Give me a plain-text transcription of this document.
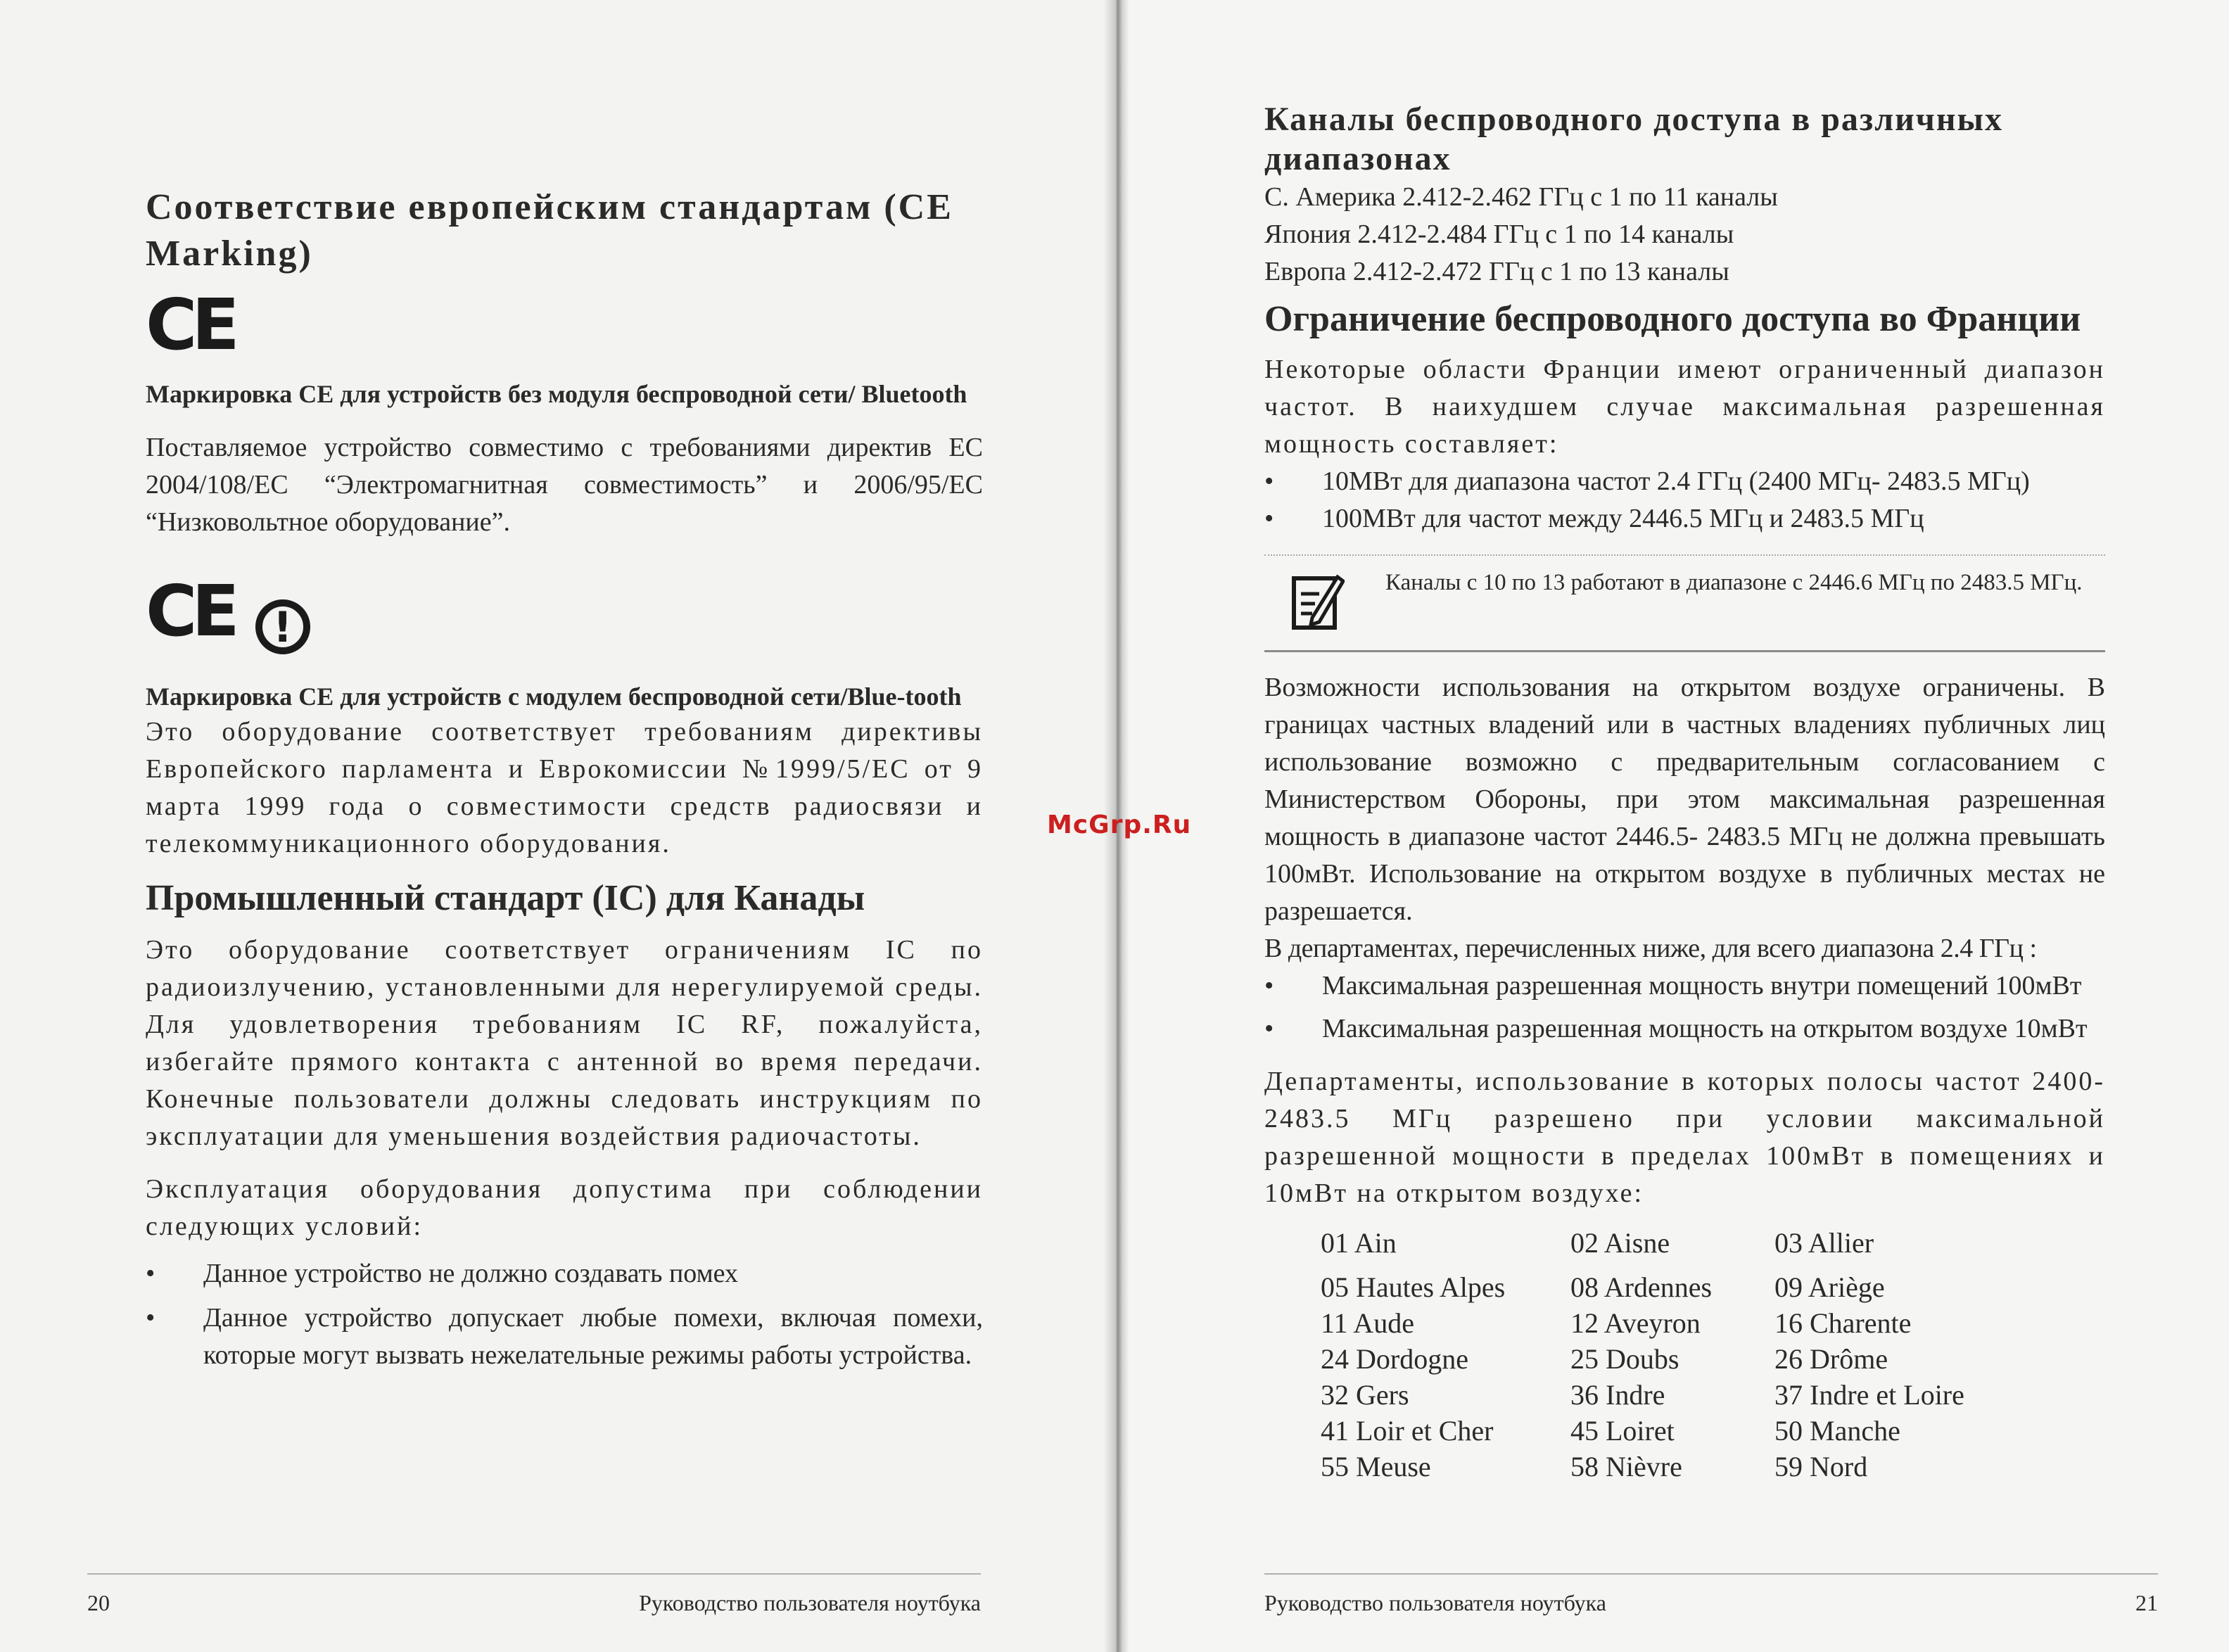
Соответствие европейским стандартам (CE Marking)
CE

Маркировка CE для устройств без модуля беспроводной сети/ Bluetooth

Поставляемое устройство совместимо с требованиями директив EC 2004/108/EC “Электромагнитная совместимость” и 2006/95/EC “Низковольтное оборудование”.

CE !

Маркировка CE для устройств с модулем беспроводной сети/Blue-tooth

Это оборудование соответствует требованиям директивы Европейского парламента и Еврокомиссии №1999/5/EC от 9 марта 1999 года о совместимости средств радиосвязи и телекоммуникационного оборудования.

Промышленный стандарт (IC) для Канады

Это оборудование соответствует ограничениям IC по радиоизлучению, установленными для нерегулируемой среды. Для удовлетворения требованиям IC RF, пожалуйста, избегайте прямого контакта с антенной во время передачи. Конечные пользователи должны следовать инструкциям по эксплуатации для уменьшения воздействия радиочастоты.

Эксплуатация оборудования допустима при соблюдении следующих условий:

• Данное устройство не должно создавать помех
• Данное устройство допускает любые помехи, включая помехи, которые могут вызвать нежелательные режимы работы устройства.
20	Руководство пользователя ноутбука
Каналы беспроводного доступа в различных диапазонах

С. Америка 2.412-2.462 ГГц с 1 по 11 каналы

Япония 2.412-2.484 ГГц с 1 по 14 каналы

Европа 2.412-2.472 ГГц с 1 по 13 каналы

Ограничение беспроводного доступа во Франции

Некоторые области Франции имеют ограниченный диапазон частот. В наихудшем случае максимальная разрешенная мощность составляет:

• 10МВт для диапазона частот 2.4 ГГц (2400 МГц- 2483.5 МГц)
• 100МВт для частот между 2446.5 МГц и 2483.5 МГц

Каналы с 10 по 13 работают в диапазоне с 2446.6 МГц по 2483.5 МГц.

Возможности использования на открытом воздухе ограничены. В границах частных владений или в частных владениях публичных лиц использование возможно с предварительным согласованием с Министерством Обороны, при этом максимальная разрешенная мощность в диапазоне частот 2446.5- 2483.5 МГц не должна превышать 100мВт. Использование на открытом воздухе в публичных местах не разрешается.

В департаментах, перечисленных ниже, для всего диапазона 2.4 ГГц :

• Максимальная разрешенная мощность внутри помещений 100мВт
• Максимальная разрешенная мощность на открытом воздухе 10мВт

Департаменты, использование в которых полосы частот 2400-2483.5 МГц разрешено при условии максимальной разрешенной мощности в пределах 100мВт в помещениях и 10мВт на открытом воздухе:

01 Ain	02 Aisne	03 Allier
05 Hautes Alpes	08 Ardennes	09 Ariège
11 Aude	12 Aveyron	16 Charente
24 Dordogne	25 Doubs	26 Drôme
32 Gers	36 Indre	37 Indre et Loire
41 Loir et Cher	45 Loiret	50 Manche
55 Meuse	58 Nièvre	59 Nord
Руководство пользователя ноутбука	21
McGrp.Ru
